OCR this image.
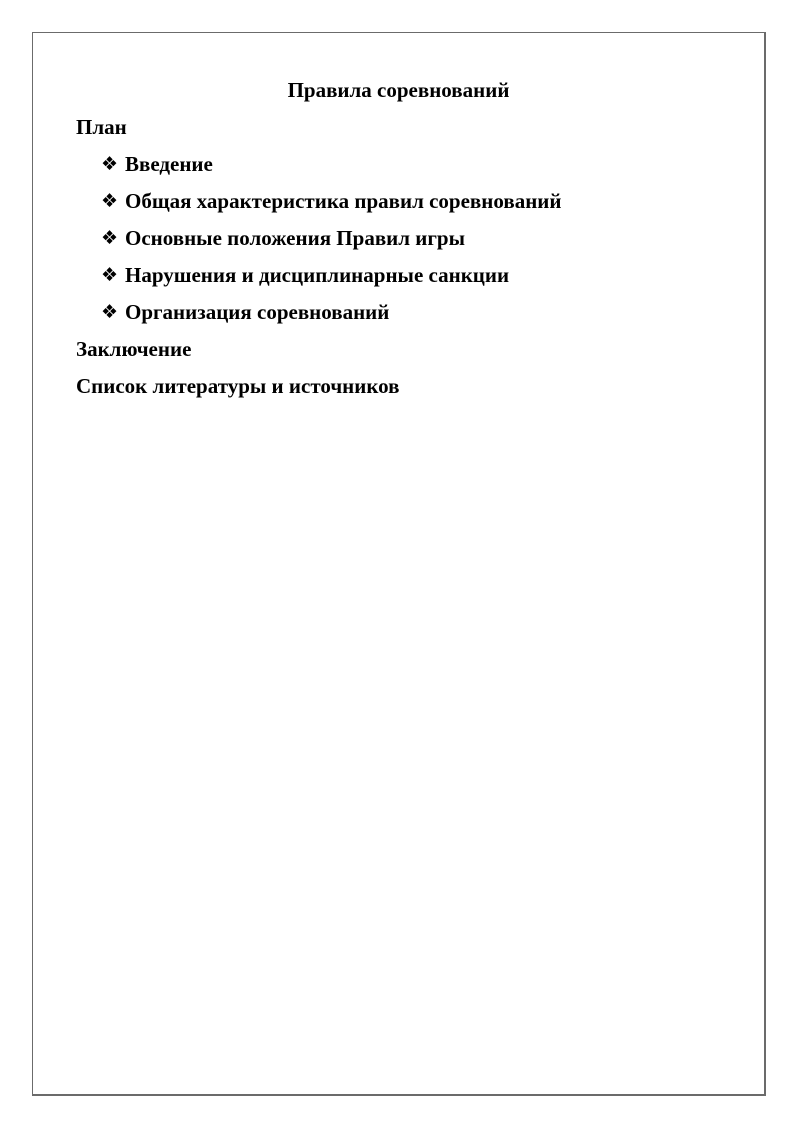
Правила соревнований
План
❖ Введение
❖ Общая характеристика правил соревнований
❖ Основные положения Правил игры
❖ Нарушения и дисциплинарные санкции
❖ Организация соревнований
Заключение
Список литературы и источников
